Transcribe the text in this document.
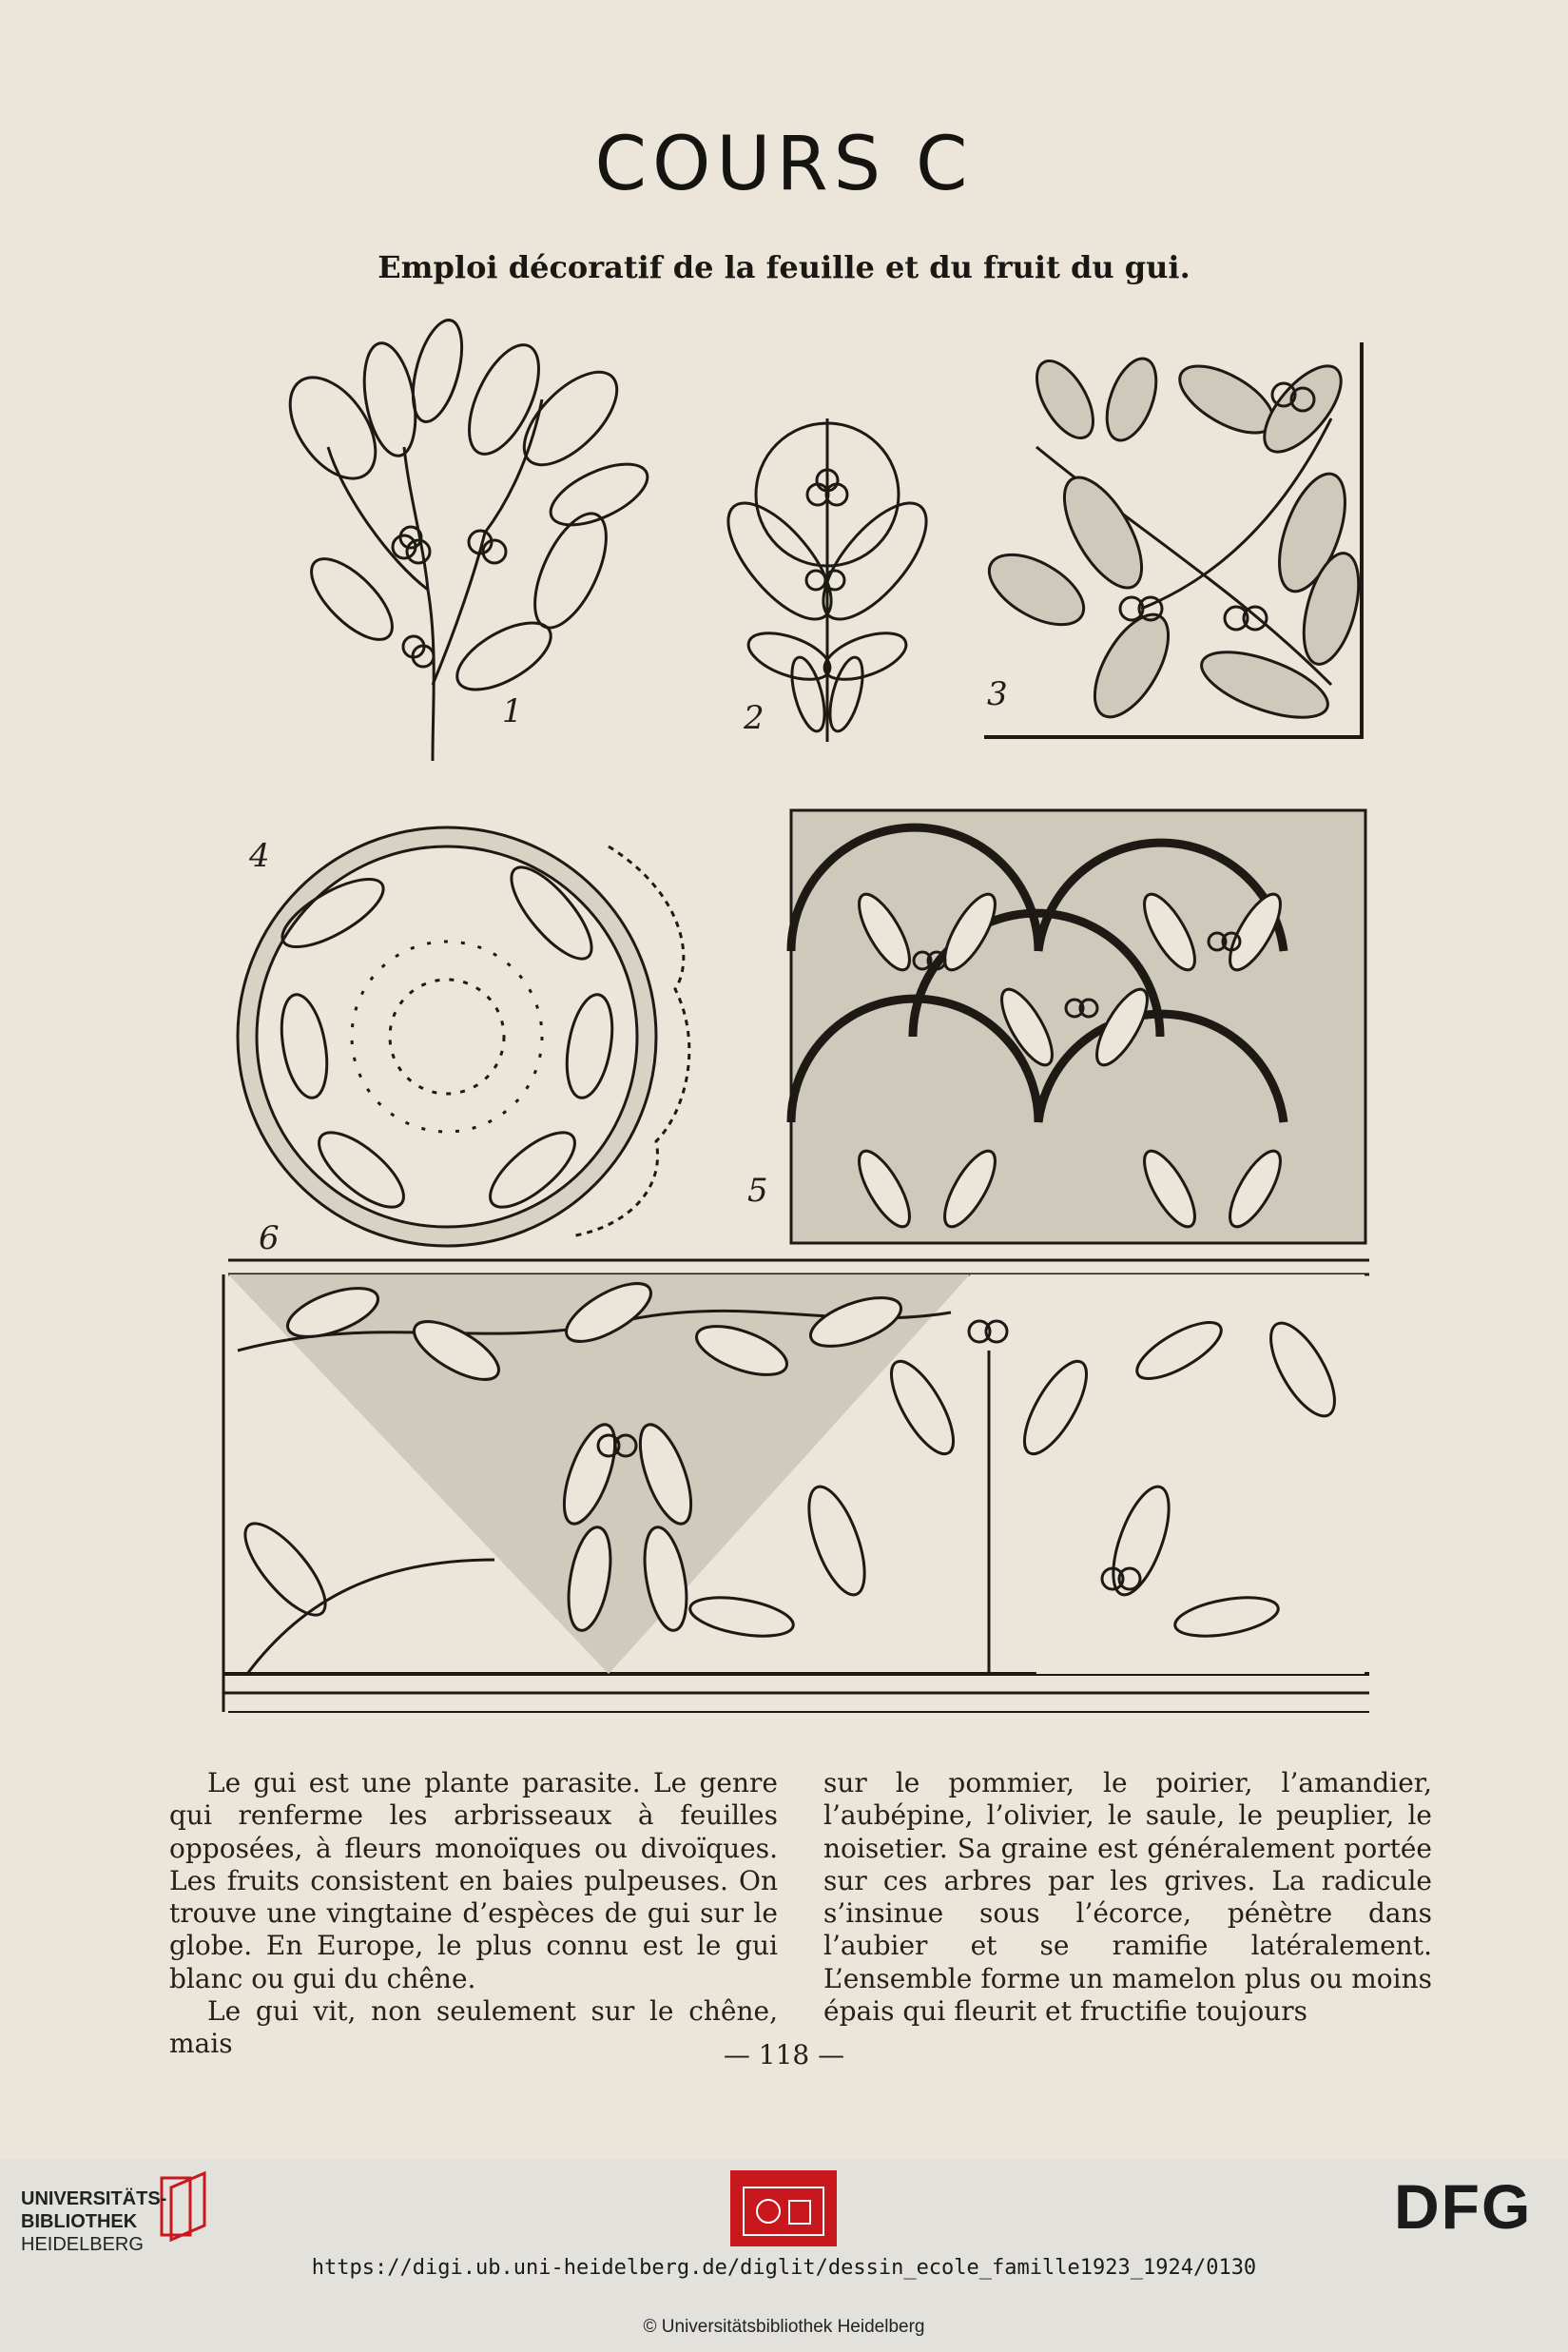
COURS C
Emploi décoratif de la feuille et du fruit du gui.
1	2
3
4
5
6

Le gui est une plante parasite. Le genre qui renferme les arbrisseaux à feuilles opposées, à fleurs monoïques ou divoïques. Les fruits consistent en baies pulpeuses. On trouve une vingtaine d’espèces de gui sur le globe. En Europe, le plus connu est le gui blanc ou gui du chêne.

Le gui vit, non seulement sur le chêne, mais

sur le pommier, le poirier, l’amandier, l’aubépine, l’olivier, le saule, le peuplier, le noisetier. Sa graine est généralement portée sur ces arbres par les grives. La radicule s’insinue sous l’écorce, pénètre dans l’aubier et se ramifie latéralement. L’ensemble forme un mamelon plus ou moins épais qui fleurit et fructifie toujours

— 118 —
UNIVERSITÄTS-
BIBLIOTHEK
HEIDELBERG
DFG
https://digi.ub.uni-heidelberg.de/diglit/dessin_ecole_famille1923_1924/0130
© Universitätsbibliothek Heidelberg
